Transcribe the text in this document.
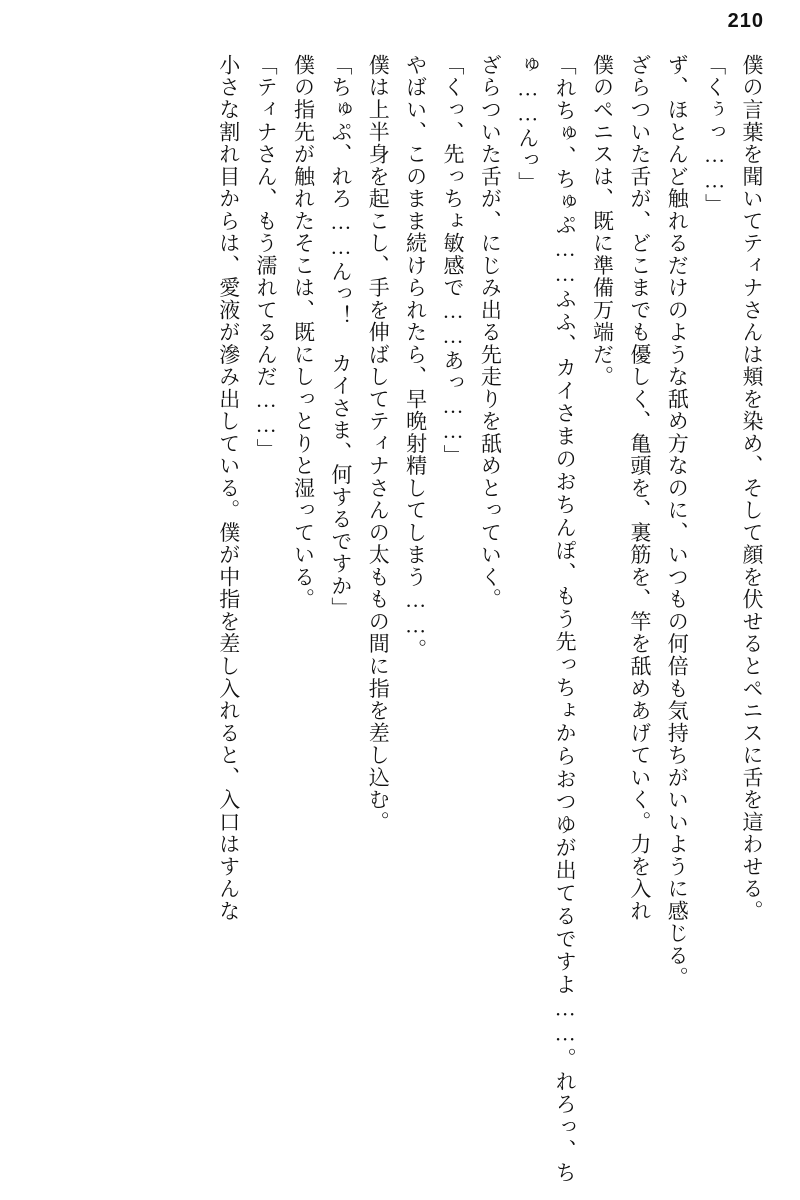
210

僕の言葉を聞いてティナさんは頬を染め、そして顔を伏せるとペニスに舌を這わせる。

「くぅっ……」

ず、ほとんど触れるだけのような舐め方なのに、いつもの何倍も気持ちがいいように感じる。

ざらついた舌が、どこまでも優しく、亀頭を、裏筋を、竿を舐めあげていく。力を入れ

僕のペニスは、既に準備万端だ。

「れちゅ、ちゅぷ……ふふ、カイさまのおちんぽ、もう先っちょからおつゆが出てるですよ……。れろっ、ちゅ……んっ」

ざらついた舌が、にじみ出る先走りを舐めとっていく。

「くっ、先っちょ敏感で……あっ……」

やばい、このまま続けられたら、早晩射精してしまう……。

僕は上半身を起こし、手を伸ばしてティナさんの太ももの間に指を差し込む。

「ちゅぷ、れろ……んっ！ カイさま、何するですか」

僕の指先が触れたそこは、既にしっとりと湿っている。

「ティナさん、もう濡れてるんだ……」

小さな割れ目からは、愛液が滲み出している。僕が中指を差し入れると、入口はすんな
